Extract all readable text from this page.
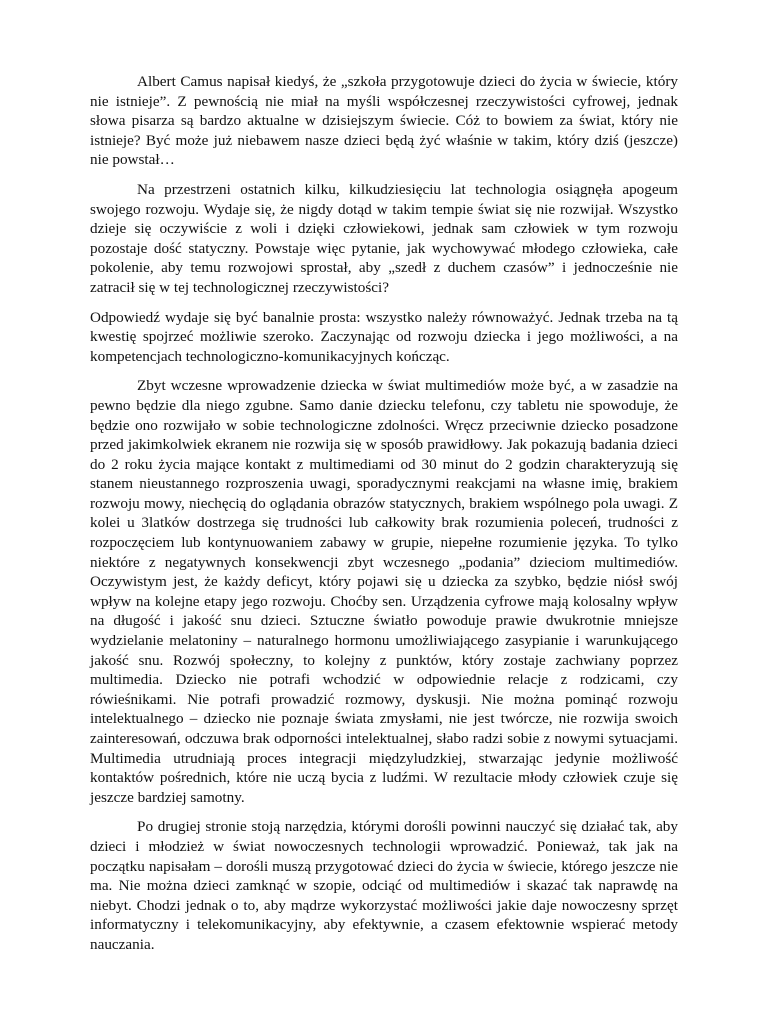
Albert Camus napisał kiedyś, że „szkoła przygotowuje dzieci do życia w świecie, który nie istnieje”. Z pewnością nie miał na myśli współczesnej rzeczywistości cyfrowej, jednak słowa pisarza są bardzo aktualne w dzisiejszym świecie. Cóż to bowiem za świat, który nie istnieje? Być może już niebawem nasze dzieci będą żyć właśnie w takim, który dziś (jeszcze) nie powstał…

Na przestrzeni ostatnich kilku, kilkudziesięciu lat technologia osiągnęła apogeum swojego rozwoju. Wydaje się, że nigdy dotąd w takim tempie świat się nie rozwijał. Wszystko dzieje się oczywiście z woli i dzięki człowiekowi, jednak sam człowiek w tym rozwoju pozostaje dość statyczny. Powstaje więc pytanie, jak wychowywać młodego człowieka, całe pokolenie, aby temu rozwojowi sprostał, aby „szedł z duchem czasów” i jednocześnie nie zatracił się w tej technologicznej rzeczywistości?

Odpowiedź wydaje się być banalnie prosta: wszystko należy równoważyć. Jednak trzeba na tą kwestię spojrzeć możliwie szeroko. Zaczynając od rozwoju dziecka i jego możliwości, a na kompetencjach technologiczno-komunikacyjnych kończąc.

Zbyt wczesne wprowadzenie dziecka w świat multimediów może być, a w zasadzie na pewno będzie dla niego zgubne. Samo danie dziecku telefonu, czy tabletu nie spowoduje, że będzie ono rozwijało w sobie technologiczne zdolności. Wręcz przeciwnie dziecko posadzone przed jakimkolwiek ekranem nie rozwija się w sposób prawidłowy. Jak pokazują badania dzieci do 2 roku życia mające kontakt z multimediami od 30 minut do 2 godzin charakteryzują się stanem nieustannego rozproszenia uwagi, sporadycznymi reakcjami na własne imię, brakiem rozwoju mowy, niechęcią do oglądania obrazów statycznych, brakiem wspólnego pola uwagi. Z kolei u 3latków dostrzega się trudności lub całkowity brak rozumienia poleceń, trudności z rozpoczęciem lub kontynuowaniem zabawy w grupie, niepełne rozumienie języka. To tylko niektóre z negatywnych konsekwencji zbyt wczesnego „podania” dzieciom multimediów. Oczywistym jest, że każdy deficyt, który pojawi się u dziecka za szybko, będzie niósł swój wpływ na kolejne etapy jego rozwoju. Choćby sen. Urządzenia cyfrowe mają kolosalny wpływ na długość i jakość snu dzieci. Sztuczne światło powoduje prawie dwukrotnie mniejsze wydzielanie melatoniny – naturalnego hormonu umożliwiającego zasypianie i warunkującego jakość snu. Rozwój społeczny, to kolejny z punktów, który zostaje zachwiany poprzez multimedia. Dziecko nie potrafi wchodzić w odpowiednie relacje z rodzicami, czy rówieśnikami. Nie potrafi prowadzić rozmowy, dyskusji. Nie można pominąć rozwoju intelektualnego – dziecko nie poznaje świata zmysłami, nie jest twórcze, nie rozwija swoich zainteresowań, odczuwa brak odporności intelektualnej, słabo radzi sobie z nowymi sytuacjami. Multimedia utrudniają proces integracji międzyludzkiej, stwarzając jedynie możliwość kontaktów pośrednich, które nie uczą bycia z ludźmi. W rezultacie młody człowiek czuje się jeszcze bardziej samotny.

Po drugiej stronie stoją narzędzia, którymi dorośli powinni nauczyć się działać tak, aby dzieci i młodzież w świat nowoczesnych technologii wprowadzić. Ponieważ, tak jak na początku napisałam – dorośli muszą przygotować dzieci do życia w świecie, którego jeszcze nie ma. Nie można dzieci zamknąć w szopie, odciąć od multimediów i skazać tak naprawdę na niebyt. Chodzi jednak o to, aby mądrze wykorzystać możliwości jakie daje nowoczesny sprzęt informatyczny i telekomunikacyjny, aby efektywnie, a czasem efektownie wspierać metody nauczania.
